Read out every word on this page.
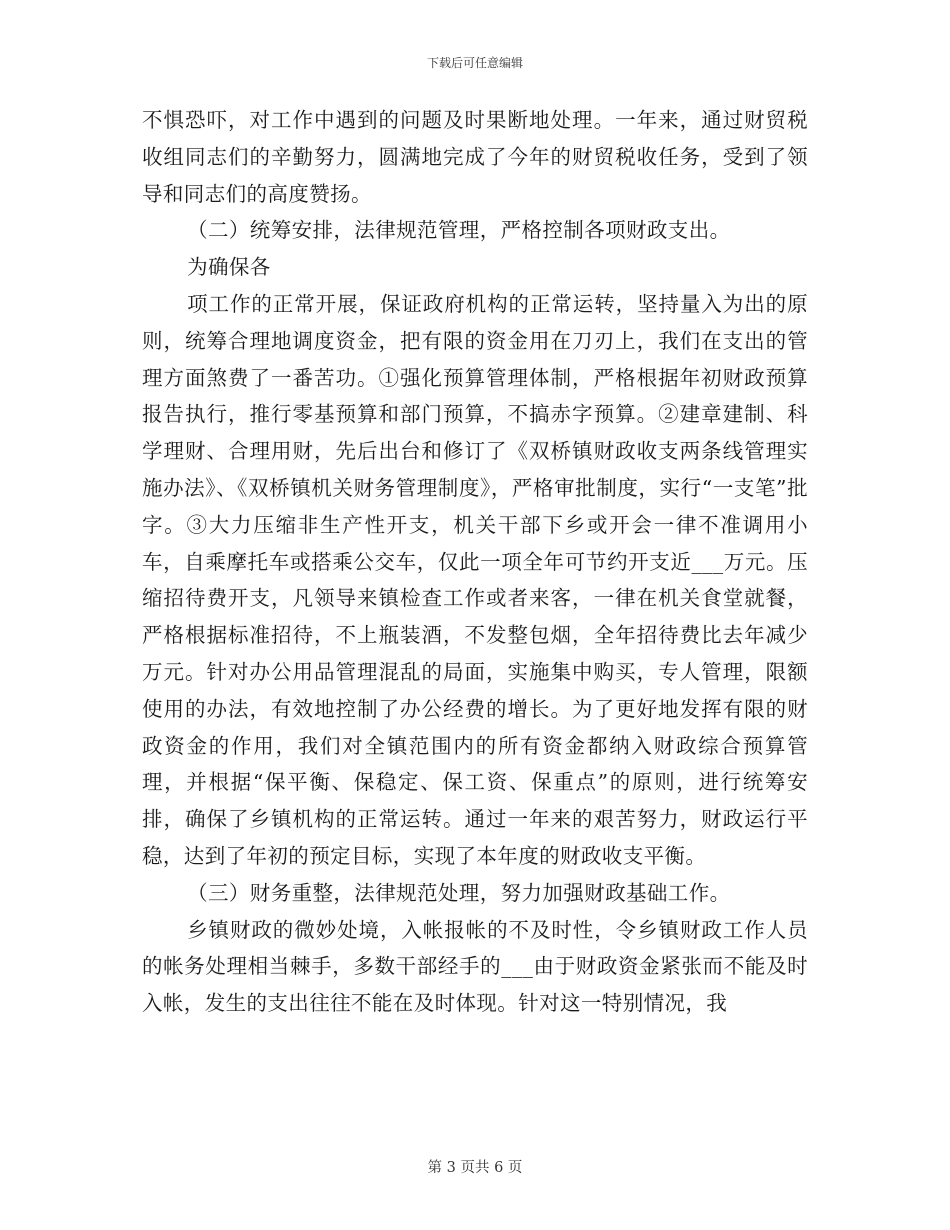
下载后可任意编辑

不惧恐吓，对工作中遇到的问题及时果断地处理。一年来，通过财贸税收组同志们的辛勤努力，圆满地完成了今年的财贸税收任务，受到了领导和同志们的高度赞扬。

（二）统筹安排，法律规范管理，严格控制各项财政支出。

为确保各

项工作的正常开展，保证政府机构的正常运转，坚持量入为出的原则，统筹合理地调度资金，把有限的资金用在刀刃上，我们在支出的管理方面煞费了一番苦功。①强化预算管理体制，严格根据年初财政预算报告执行，推行零基预算和部门预算，不搞赤字预算。②建章建制、科学理财、合理用财，先后出台和修订了《双桥镇财政收支两条线管理实施办法》、《双桥镇机关财务管理制度》，严格审批制度，实行“一支笔”批字。③大力压缩非生产性开支，机关干部下乡或开会一律不准调用小车，自乘摩托车或搭乘公交车，仅此一项全年可节约开支近___万元。压缩招待费开支，凡领导来镇检查工作或者来客，一律在机关食堂就餐，严格根据标准招待，不上瓶装酒，不发整包烟，全年招待费比去年减少万元。针对办公用品管理混乱的局面，实施集中购买，专人管理，限额使用的办法，有效地控制了办公经费的增长。为了更好地发挥有限的财政资金的作用，我们对全镇范围内的所有资金都纳入财政综合预算管理，并根据“保平衡、保稳定、保工资、保重点”的原则，进行统筹安排，确保了乡镇机构的正常运转。通过一年来的艰苦努力，财政运行平稳，达到了年初的预定目标，实现了本年度的财政收支平衡。

（三）财务重整，法律规范处理，努力加强财政基础工作。

乡镇财政的微妙处境，入帐报帐的不及时性，令乡镇财政工作人员的帐务处理相当棘手，多数干部经手的___由于财政资金紧张而不能及时入帐，发生的支出往往不能在及时体现。针对这一特别情况，我

第 3 页共 6 页
